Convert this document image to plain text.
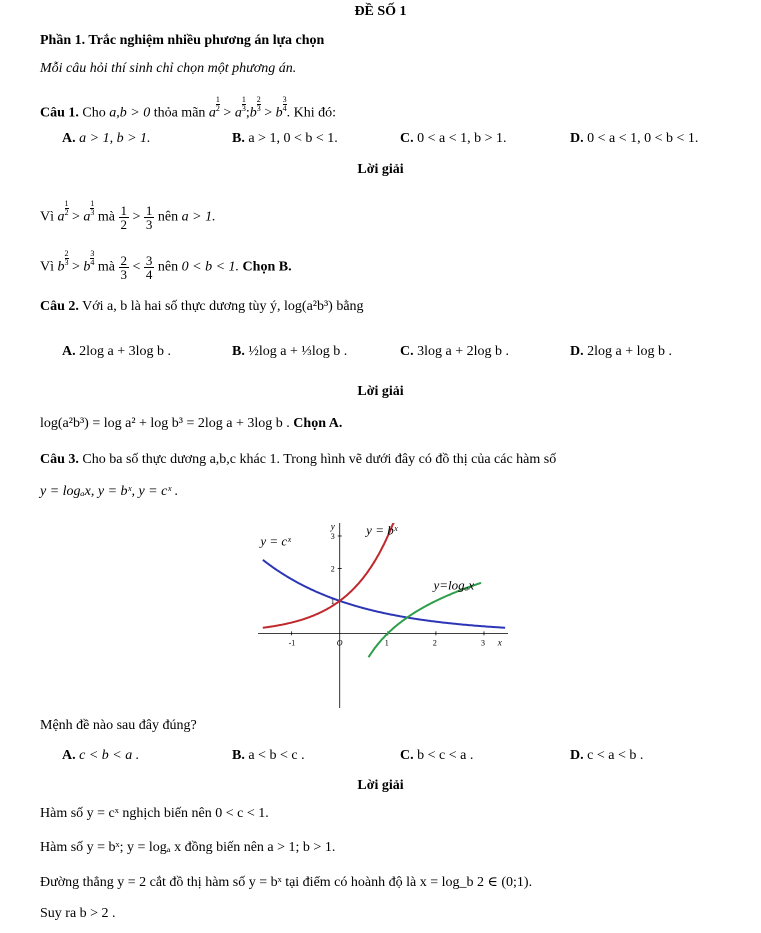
ĐỀ SỐ 1
Phần 1. Trắc nghiệm nhiều phương án lựa chọn
Mỗi câu hỏi thí sinh chỉ chọn một phương án.
Câu 1. Cho a,b > 0 thỏa mãn a
$\frac{1}{2}$
> a
$\frac{1}{3}$
;b
$\frac{2}{3}$
> b
$\frac{3}{4}$
. Khi đó:
A. a > 1, b > 1.	B. a > 1, 0 < b < 1.	C. 0 < a < 1, b > 1.	D. 0 < a < 1, 0 < b < 1.
Lời giải
Vì a
$\frac{1}{2}$
> a
$\frac{1}{3}$
mà $\frac{1}{2} > \frac{1}{3}$ nên a > 1.
Vì b
$\frac{2}{3}$
> b
$\frac{3}{4}$
mà $\frac{2}{3} < \frac{3}{4}$ nên 0 < b < 1. Chọn B.
Câu 2. Với a, b là hai số thực dương tùy ý, log(a²b³) bằng
A. 2log a + 3log b .	B. ½log a + ⅓log b .	C. 3log a + 2log b .	D. 2log a + log b .
Lời giải
log(a²b³) = log a² + log b³ = 2log a + 3log b . Chọn A.
Câu 3. Cho ba số thực dương a,b,c khác 1. Trong hình vẽ dưới đây có đồ thị của các hàm số
y = logₐx, y = bˣ, y = cˣ .
-1	O	1	2	3 x
1
2
3
y
y = cˣ
y = bˣ
y=logₐx
Mệnh đề nào sau đây đúng?
A. c < b < a .	B. a < b < c .	C. b < c < a .	D. c < a < b .
Lời giải
Hàm số y = cˣ nghịch biến nên 0 < c < 1.
Hàm số y = bˣ; y = logₐ x đồng biến nên a > 1; b > 1.
Đường thẳng y = 2 cắt đồ thị hàm số y = bˣ tại điểm có hoành độ là x = log_b 2 ∈ (0;1).
Suy ra b > 2 .
